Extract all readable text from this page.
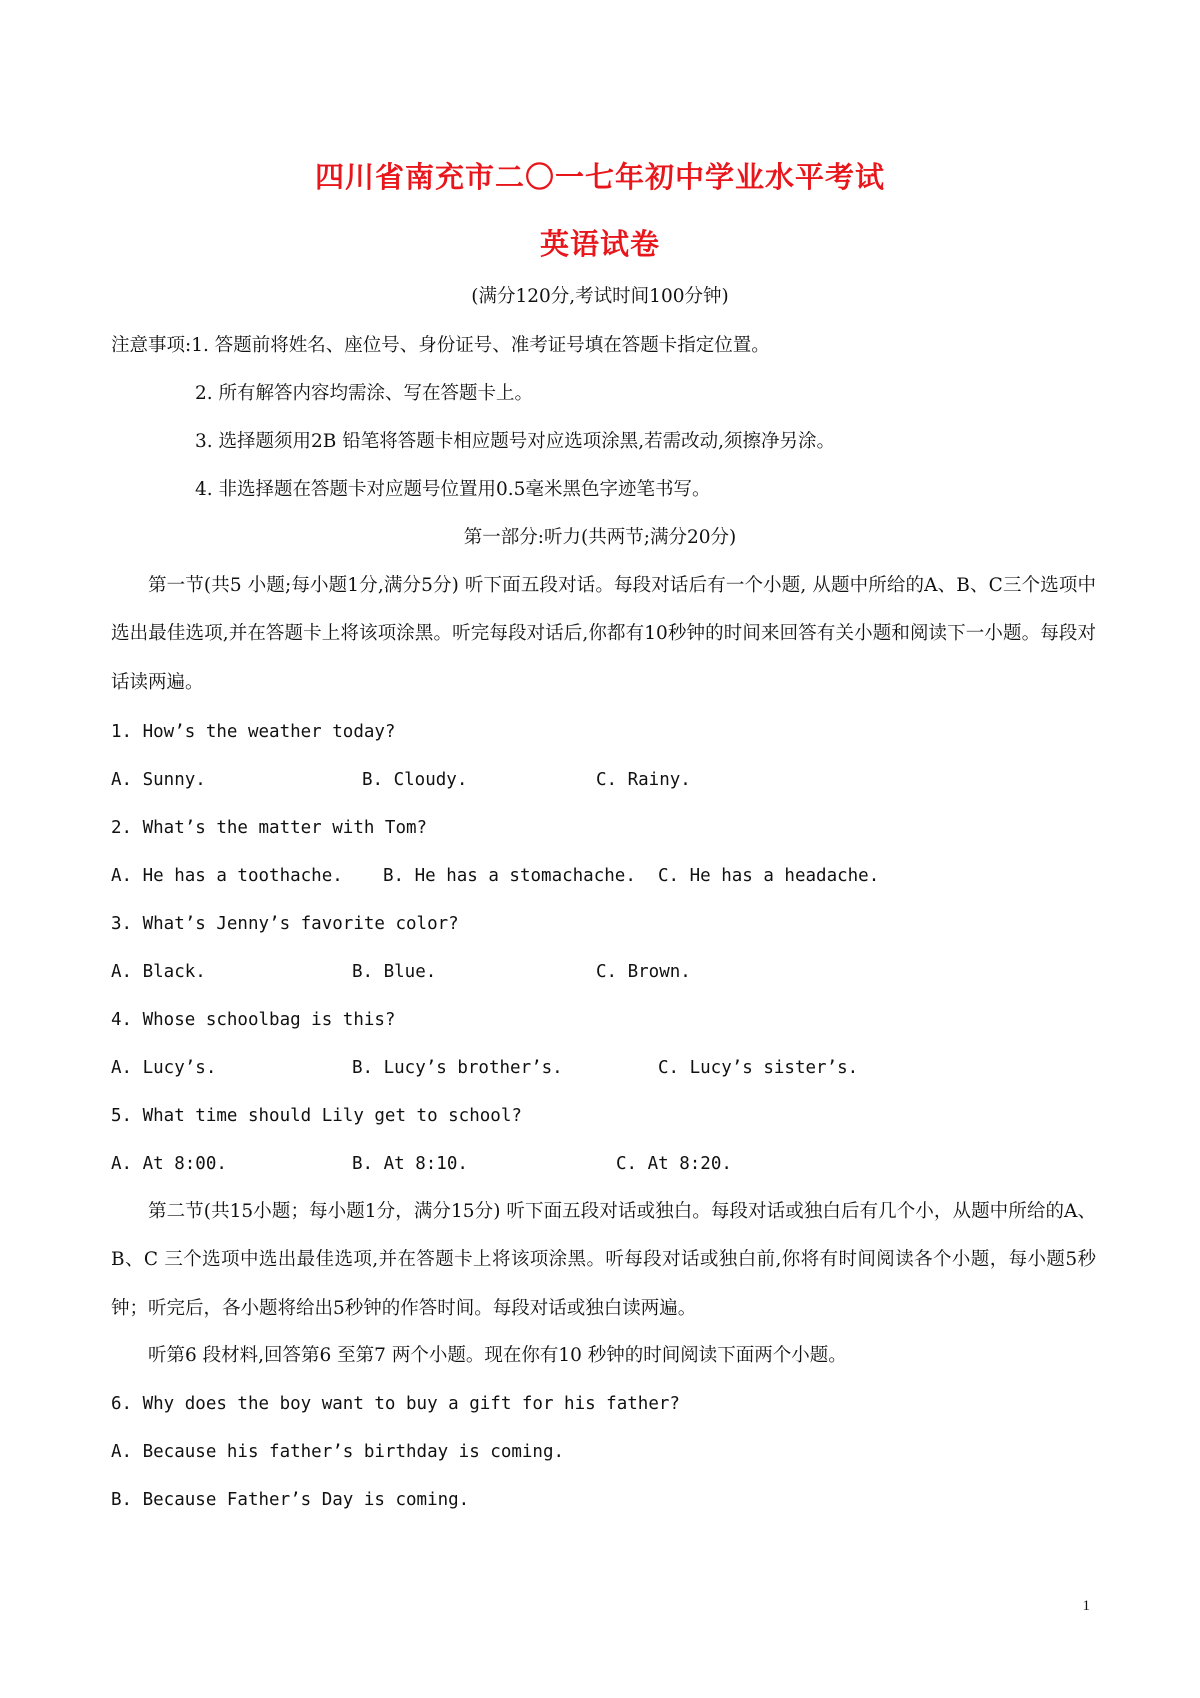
四川省南充市二〇一七年初中学业水平考试
英语试卷
(满分120分,考试时间100分钟)
注意事项:1. 答题前将姓名、座位号、身份证号、准考证号填在答题卡指定位置。
2. 所有解答内容均需涂、写在答题卡上。
3. 选择题须用2B 铅笔将答题卡相应题号对应选项涂黑,若需改动,须擦净另涂。
4. 非选择题在答题卡对应题号位置用0.5毫米黑色字迹笔书写。
第一部分:听力(共两节;满分20分)
第一节(共5 小题;每小题1分,满分5分) 听下面五段对话。每段对话后有一个小题, 从题中所给的A、B、C三个选项中选出最佳选项,并在答题卡上将该项涂黑。听完每段对话后,你都有10秒钟的时间来回答有关小题和阅读下一小题。每段对话读两遍。
1. How’s the weather today?
A. Sunny.	B. Cloudy.	C. Rainy.
2. What’s the matter with Tom?
A. He has a toothache. B. He has a stomachache. C. He has a headache.
3. What’s Jenny’s favorite color?
A. Black.	B. Blue.	C. Brown.
4. Whose schoolbag is this?
A. Lucy’s.	B. Lucy’s brother’s.	C. Lucy’s sister’s.
5. What time should Lily get to school?
A. At 8:00.	B. At 8:10.	C. At 8:20.
第二节(共15小题；每小题1分，满分15分) 听下面五段对话或独白。每段对话或独白后有几个小，从题中所给的A、B、C 三个选项中选出最佳选项,并在答题卡上将该项涂黑。听每段对话或独白前,你将有时间阅读各个小题，每小题5秒钟；听完后，各小题将给出5秒钟的作答时间。每段对话或独白读两遍。
听第6 段材料,回答第6 至第7 两个小题。现在你有10 秒钟的时间阅读下面两个小题。
6. Why does the boy want to buy a gift for his father?
A. Because his father’s birthday is coming.
B. Because Father’s Day is coming.
1
